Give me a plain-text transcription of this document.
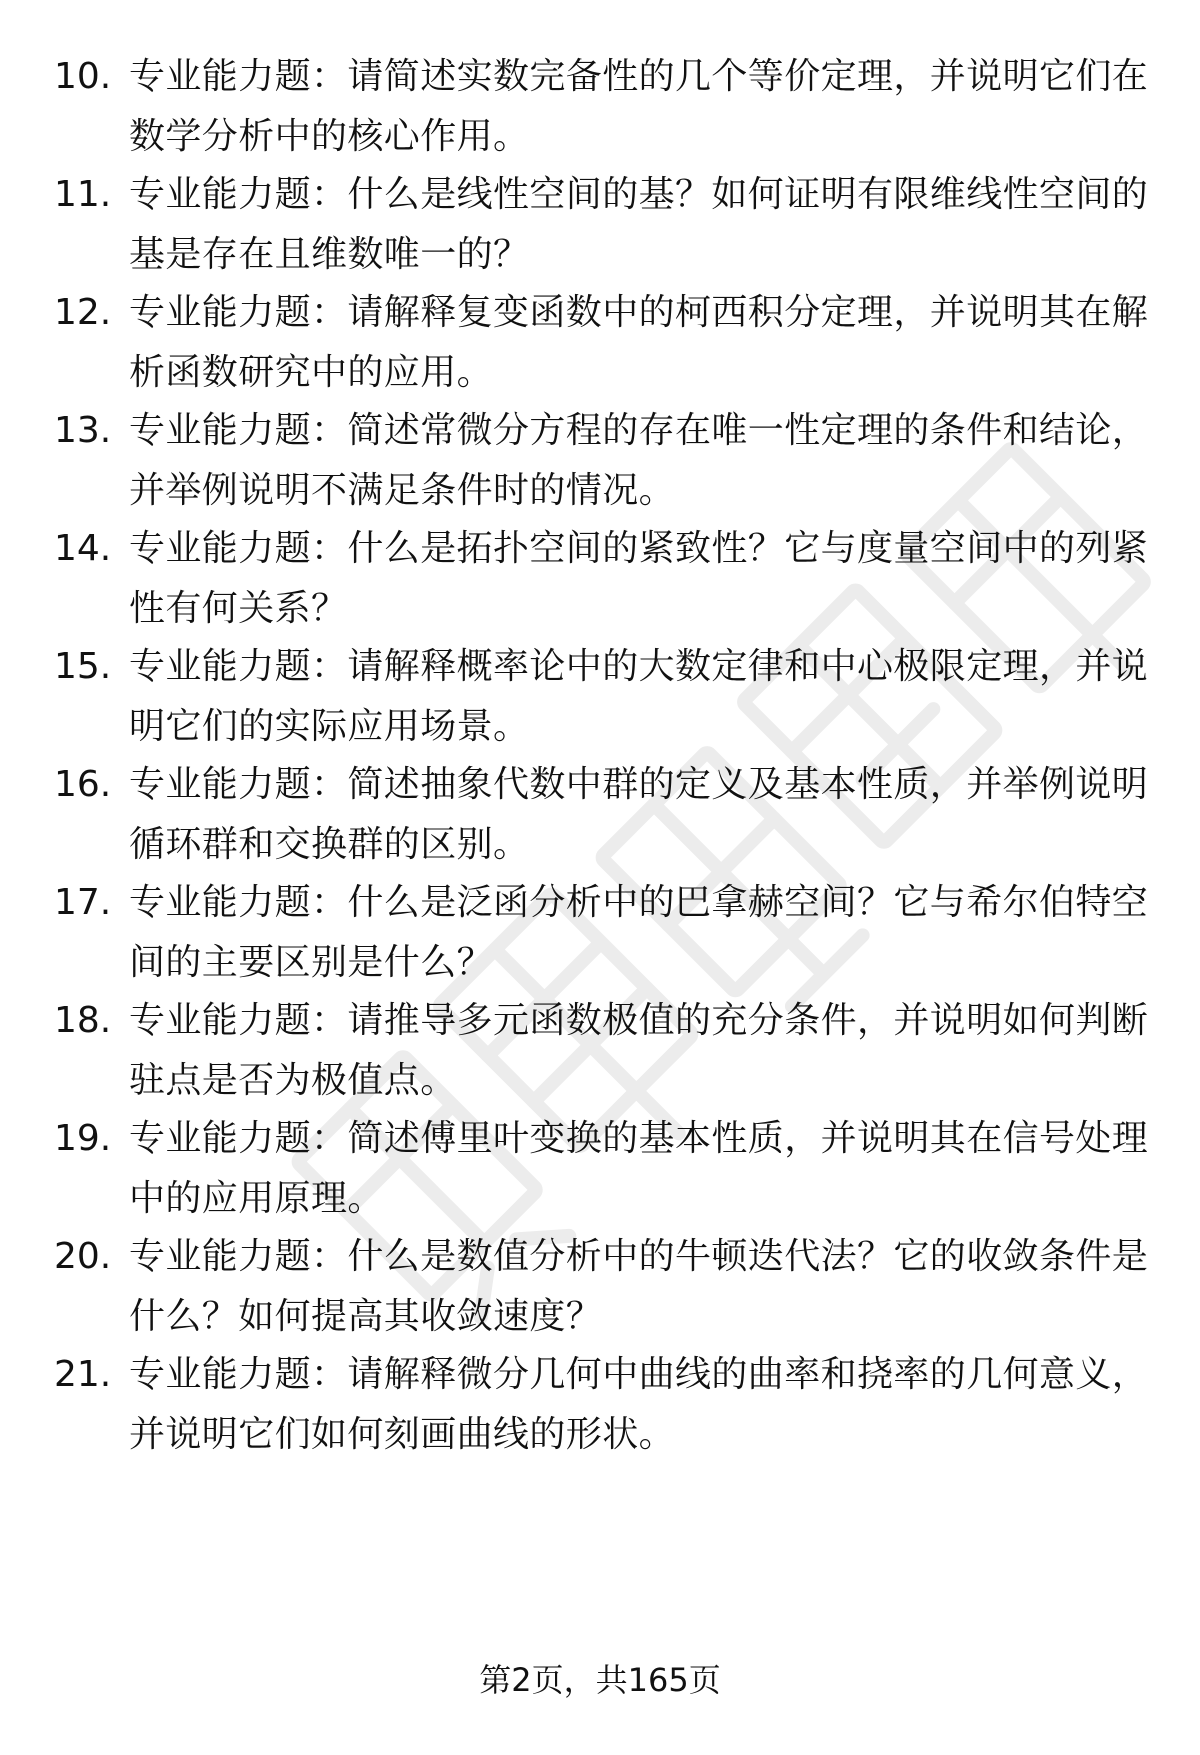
10. 专业能力题：请简述实数完备性的几个等价定理，并说明它们在数学分析中的核心作用。
11. 专业能力题：什么是线性空间的基？如何证明有限维线性空间的基是存在且维数唯一的？
12. 专业能力题：请解释复变函数中的柯西积分定理，并说明其在解析函数研究中的应用。
13. 专业能力题：简述常微分方程的存在唯一性定理的条件和结论，并举例说明不满足条件时的情况。
14. 专业能力题：什么是拓扑空间的紧致性？它与度量空间中的列紧性有何关系？
15. 专业能力题：请解释概率论中的大数定律和中心极限定理，并说明它们的实际应用场景。
16. 专业能力题：简述抽象代数中群的定义及基本性质，并举例说明循环群和交换群的区别。
17. 专业能力题：什么是泛函分析中的巴拿赫空间？它与希尔伯特空间的主要区别是什么？
18. 专业能力题：请推导多元函数极值的充分条件，并说明如何判断驻点是否为极值点。
19. 专业能力题：简述傅里叶变换的基本性质，并说明其在信号处理中的应用原理。
20. 专业能力题：什么是数值分析中的牛顿迭代法？它的收敛条件是什么？如何提高其收敛速度？
21. 专业能力题：请解释微分几何中曲线的曲率和挠率的几何意义，并说明它们如何刻画曲线的形状。
第2页，共165页
